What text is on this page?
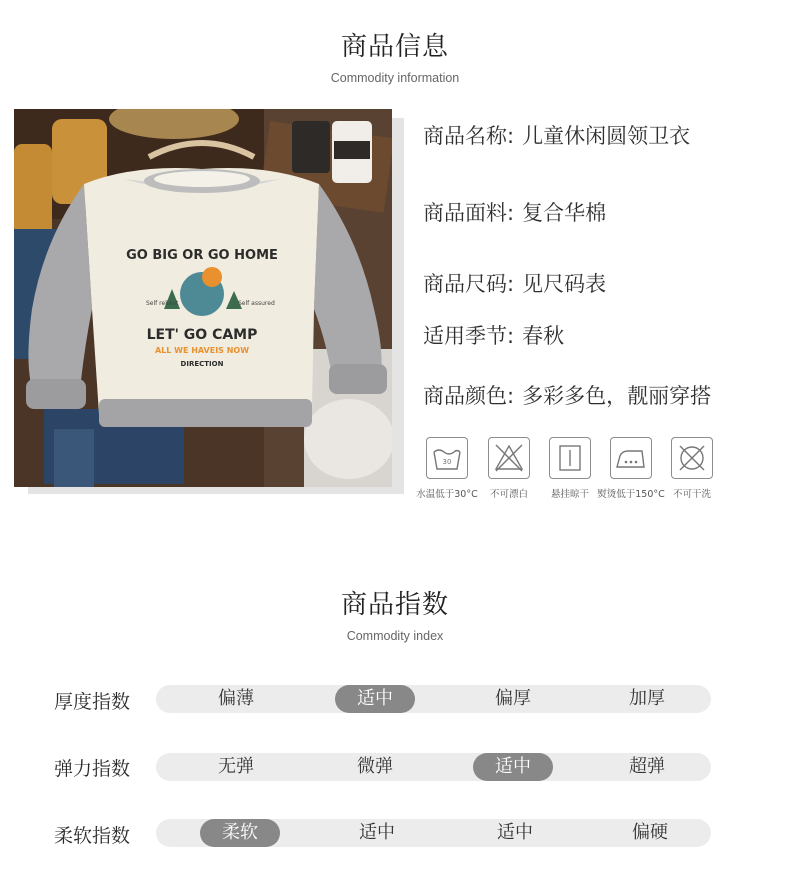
商品信息
Commodity information
GO BIG OR GO HOME
Self reliant	Self assured
LET' GO CAMP
ALL WE HAVEIS NOW
DIRECTION
商品名称: 儿童休闲圆领卫衣
商品面料: 复合华棉
商品尺码: 见尺码表
适用季节: 春秋
商品颜色: 多彩多色，靓丽穿搭
30
水温低于30°C	不可漂白	悬挂晾干 熨烫低于150°C 不可干洗
商品指数
Commodity index
厚度指数	偏薄	适中	偏厚	加厚
弹力指数	无弹	微弹	适中	超弹
柔软指数	柔软	适中	适中	偏硬
